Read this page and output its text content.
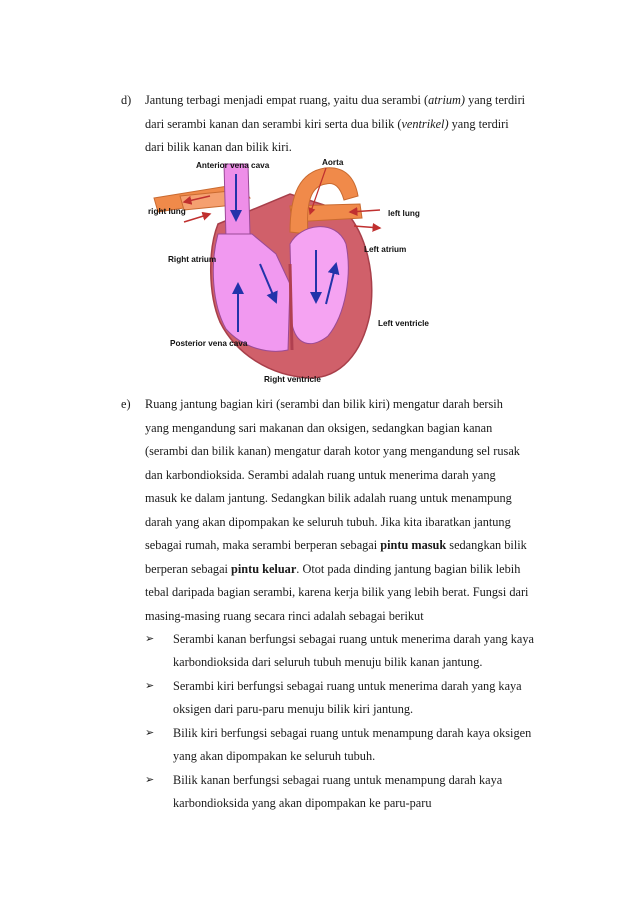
d) Jantung terbagi menjadi empat ruang, yaitu dua serambi (atrium) yang terdiri
dari serambi kanan dan serambi kiri serta dua bilik (ventrikel) yang terdiri
dari bilik kanan dan bilik kiri.
Anterior vena cava	Aorta
right lung	left lung
Left atrium
Right atrium
Left ventricle
Posterior vena cava
Right ventricle
e) Ruang jantung bagian kiri (serambi dan bilik kiri) mengatur darah bersih
yang mengandung sari makanan dan oksigen, sedangkan bagian kanan
(serambi dan bilik kanan) mengatur darah kotor yang mengandung sel rusak
dan karbondioksida. Serambi adalah ruang untuk menerima darah yang
masuk ke dalam jantung. Sedangkan bilik adalah ruang untuk menampung
darah yang akan dipompakan ke seluruh tubuh. Jika kita ibaratkan jantung
sebagai rumah, maka serambi berperan sebagai pintu masuk sedangkan bilik
berperan sebagai pintu keluar. Otot pada dinding jantung bagian bilik lebih
tebal daripada bagian serambi, karena kerja bilik yang lebih berat. Fungsi dari
masing-masing ruang secara rinci adalah sebagai berikut
➢ Serambi kanan berfungsi sebagai ruang untuk menerima darah yang kaya
karbondioksida dari seluruh tubuh menuju bilik kanan jantung.
➢ Serambi kiri berfungsi sebagai ruang untuk menerima darah yang kaya
oksigen dari paru-paru menuju bilik kiri jantung.
➢ Bilik kiri berfungsi sebagai ruang untuk menampung darah kaya oksigen
yang akan dipompakan ke seluruh tubuh.
➢ Bilik kanan berfungsi sebagai ruang untuk menampung darah kaya
karbondioksida yang akan dipompakan ke paru-paru
